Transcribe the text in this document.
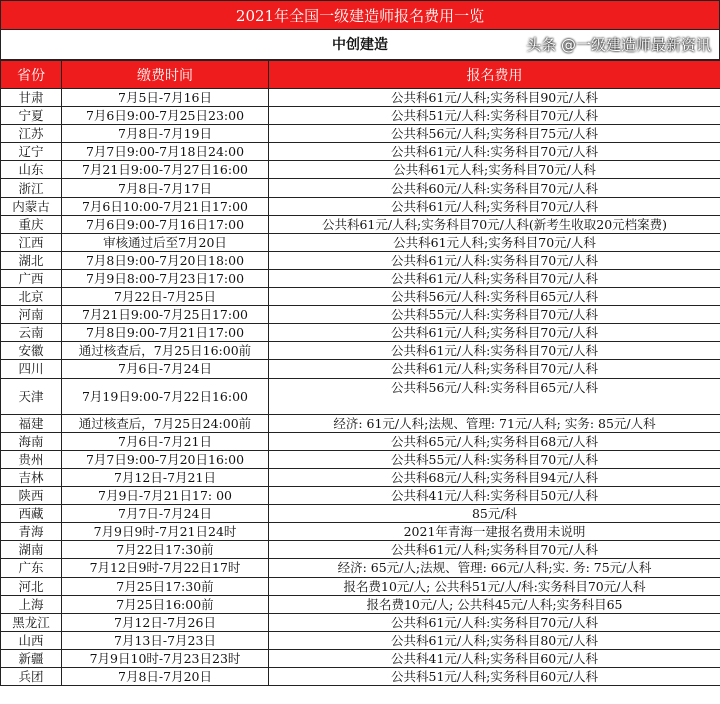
2021年全国一级建造师报名费用一览
中创建造	头条 @一级建造师最新资讯
省份	缴费时间	报名费用
甘肃	7月5日-7月16日	公共科61元/人科;实务科目90元/人科
宁夏	7月6日9:00-7月25日23:00	公共科51元/人科:实务科目70元/人科
江苏	7月8日-7月19日	公共科56元/人科;实务科目75元/人科
辽宁	7月7日9:00-7月18日24:00	公共科61元/人科:实务科目70元/人科
山东	7月21日9:00-7月27日16:00	公共科61元人科;实务科目70元/人科
浙江	7月8日-7月17日	公共科60元/人科:实务科目70元/人科
内蒙古	7月6日10:00-7月21日17:00	公共科61元/人科;实务科目70元/人科
重庆	7月6日9:00-7月16日17:00	公共科61元/人科;实务科目70元/人科(新考生收取20元档案费)
江西	审核通过后至7月20日	公共科61元人科;实务科目70元/人科
湖北	7月8日9:00-7月20日18:00	公共科61元/人科:实务科目70元/人科
广西	7月9日8:00-7月23日17:00	公共科61元/人科;实务科目70元/人科
北京	7月22日-7月25日	公共科56元/人科:实务科目65元/人科
河南	7月21日9:00-7月25日17:00	公共科55元/人科:实务科目70元/人科
云南	7月8日9:00-7月21日17:00	公共科61元/人科;实务科目70元/人科
安徽	通过核查后，7月25日16:00前	公共科61元/人科:实务科目70元/人科
四川	7月6日-7月24日	公共科61元/人科;实务科目70元/人科
天津	7月19日9:00-7月22日16:00	公共科56元/人科:实务科目65元/人科
福建	通过核查后，7月25日24:00前	经济: 61元/人科;法规、管理: 71元/人科; 实务: 85元/人科
海南	7月6日-7月21日	公共科65元/人科;实务科目68元/人科
贵州	7月7日9:00-7月20日16:00	公共科55元/人科:实务科目70元/人科
吉林	7月12日-7月21日	公共科68元/人科;实务科目94元/人科
陕西	7月9日-7月21日17: 00	公共科41元/人科:实务科目50元/人科
西藏	7月7日-7月24日	85元/科
青海	7月9日9时-7月21日24时	2021年青海一建报名费用未说明
湖南	7月22日17:30前	公共科61元/人科;实务科目70元/人科
广东	7月12日9时-7月22日17时	经济: 65元/人;法规、管理: 66元/人科;实. 务: 75元/人科
河北	7月25日17:30前	报名费10元/人; 公共科51元/人/科:实务科目70元/人科
上海	7月25日16:00前	报名费10元/人; 公共科45元/人科;实务科目65
黑龙江	7月12日-7月26日	公共科61元/人科:实务科目70元/人科
山西	7月13日-7月23日	公共科61元/人科;实务科目80元/人科
新疆	7月9日10时-7月23日23时	公共科41元/人科;实务科目60元/人科
兵团	7月8日-7月20日	公共科51元/人科;实务科目60元/人科
